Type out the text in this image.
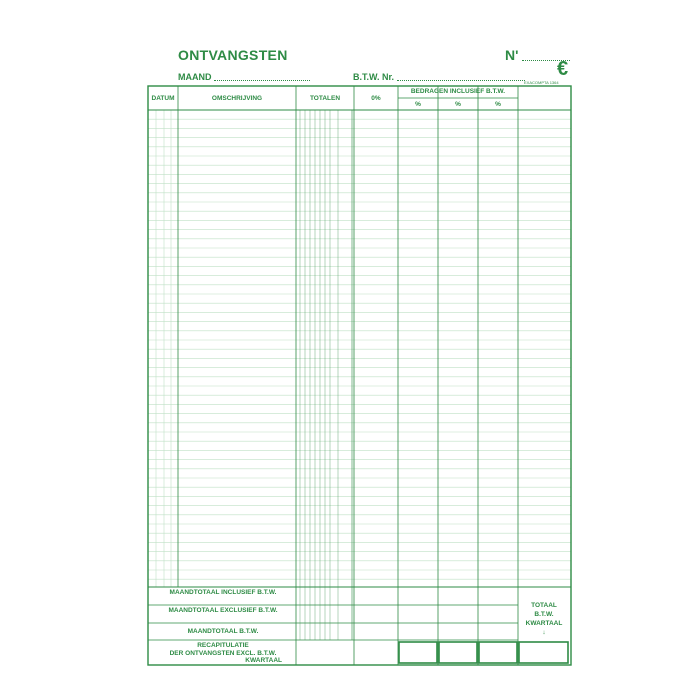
ONTVANGSTEN	N'
€
MAAND	B.T.W. Nr.
EXACOMPTA 1364
DATUM	OMSCHRIJVING	TOTALEN	0%
BEDRAGEN INCLUSIEF B.T.W.
%	%	%
MAANDTOTAAL INCLUSIEF B.T.W.
MAANDTOTAAL EXCLUSIEF B.T.W.
MAANDTOTAAL B.T.W.
RECAPITULATIE
DER ONTVANGSTEN EXCL. B.T.W.
KWARTAAL
TOTAAL
B.T.W.
KWARTAAL
↓
